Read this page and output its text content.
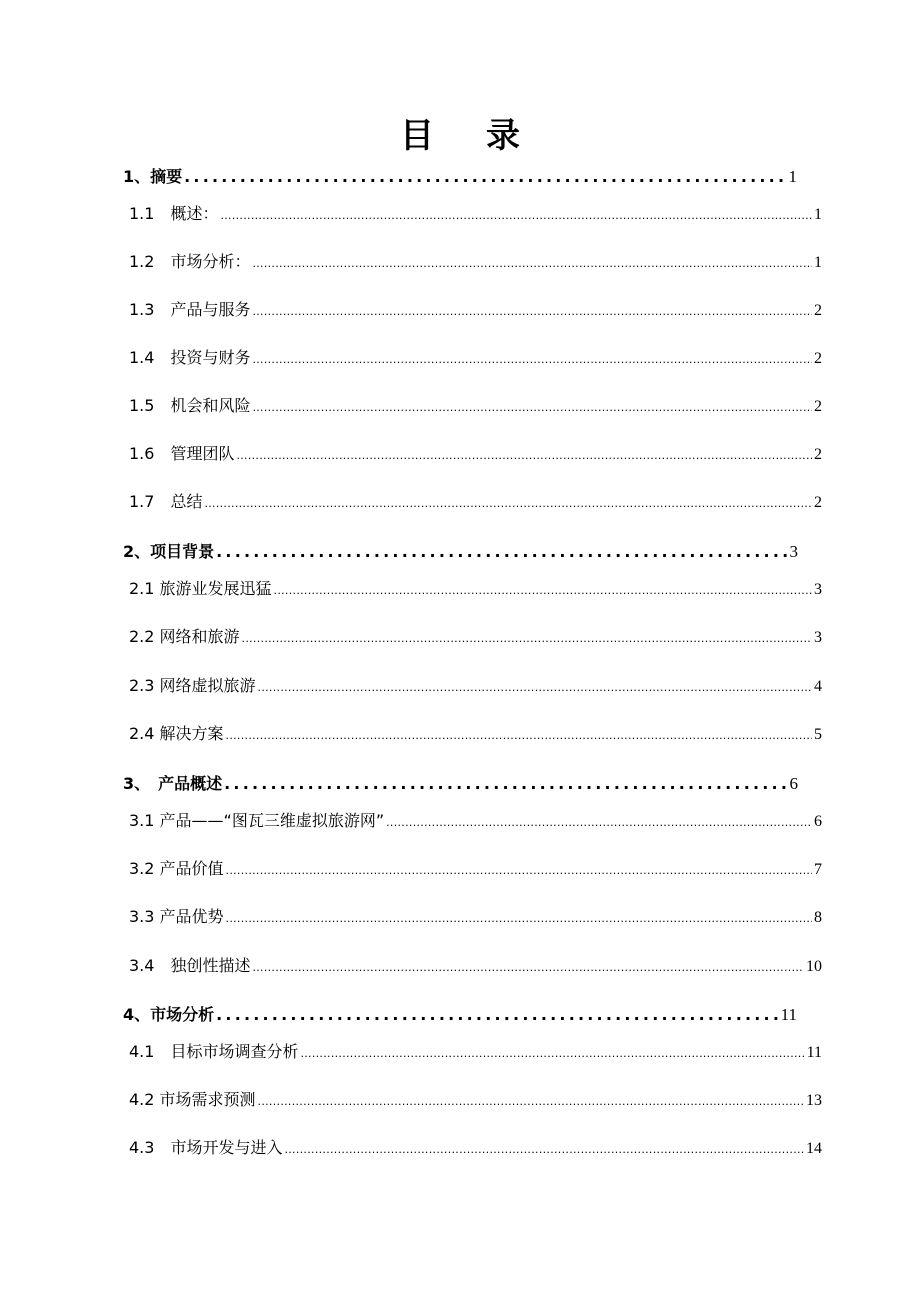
目 录
1、摘要 .....	1
1.1　概述： .....	1
1.2　市场分析： .....	1
1.3　产品与服务 .....	2
1.4　投资与财务 .....	2
1.5　机会和风险 .....	2
1.6　管理团队 .....	2
1.7　总结 .....	2
2、项目背景 .....	3
2.1 旅游业发展迅猛 .....	3
2.2 网络和旅游 .....	3
2.3 网络虚拟旅游 .....	4
2.4 解决方案 .....	5
3、　产品概述 .....	6
3.1 产品——“图瓦三维虚拟旅游网” .....	6
3.2 产品价值 .....	7
3.3 产品优势 .....	8
3.4　独创性描述 .....	10
4、市场分析 .....	11
4.1　目标市场调查分析 .....	11
4.2 市场需求预测 .....	13
4.3　市场开发与进入 .....	14
